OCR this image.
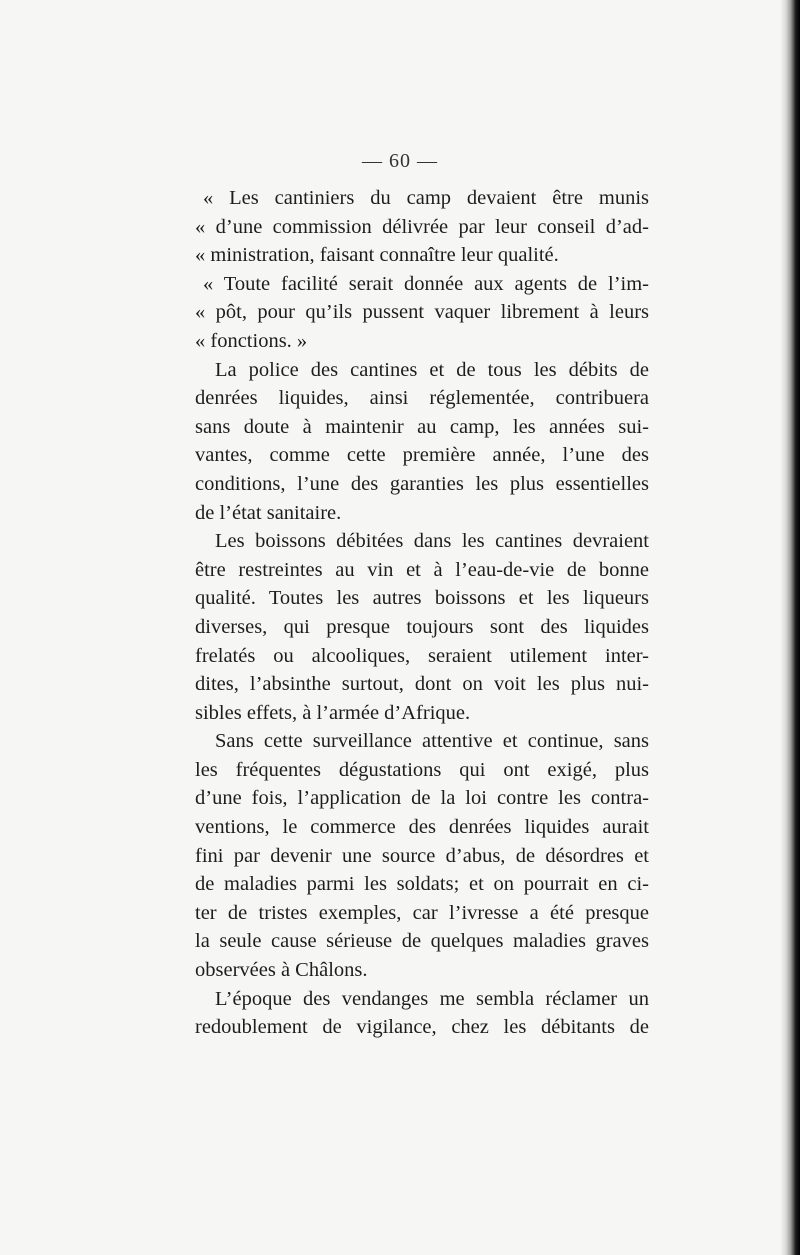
— 60 —
« Les cantiniers du camp devaient être munis
« d’une commission délivrée par leur conseil d’ad-
« ministration, faisant connaître leur qualité.
« Toute facilité serait donnée aux agents de l’im-
« pôt, pour qu’ils pussent vaquer librement à leurs
« fonctions. »
La police des cantines et de tous les débits de
denrées liquides, ainsi réglementée, contribuera
sans doute à maintenir au camp, les années sui-
vantes, comme cette première année, l’une des
conditions, l’une des garanties les plus essentielles
de l’état sanitaire.
Les boissons débitées dans les cantines devraient
être restreintes au vin et à l’eau-de-vie de bonne
qualité. Toutes les autres boissons et les liqueurs
diverses, qui presque toujours sont des liquides
frelatés ou alcooliques, seraient utilement inter-
dites, l’absinthe surtout, dont on voit les plus nui-
sibles effets, à l’armée d’Afrique.
Sans cette surveillance attentive et continue, sans
les fréquentes dégustations qui ont exigé, plus
d’une fois, l’application de la loi contre les contra-
ventions, le commerce des denrées liquides aurait
fini par devenir une source d’abus, de désordres et
de maladies parmi les soldats; et on pourrait en ci-
ter de tristes exemples, car l’ivresse a été presque
la seule cause sérieuse de quelques maladies graves
observées à Châlons.
L’époque des vendanges me sembla réclamer un
redoublement de vigilance, chez les débitants de
